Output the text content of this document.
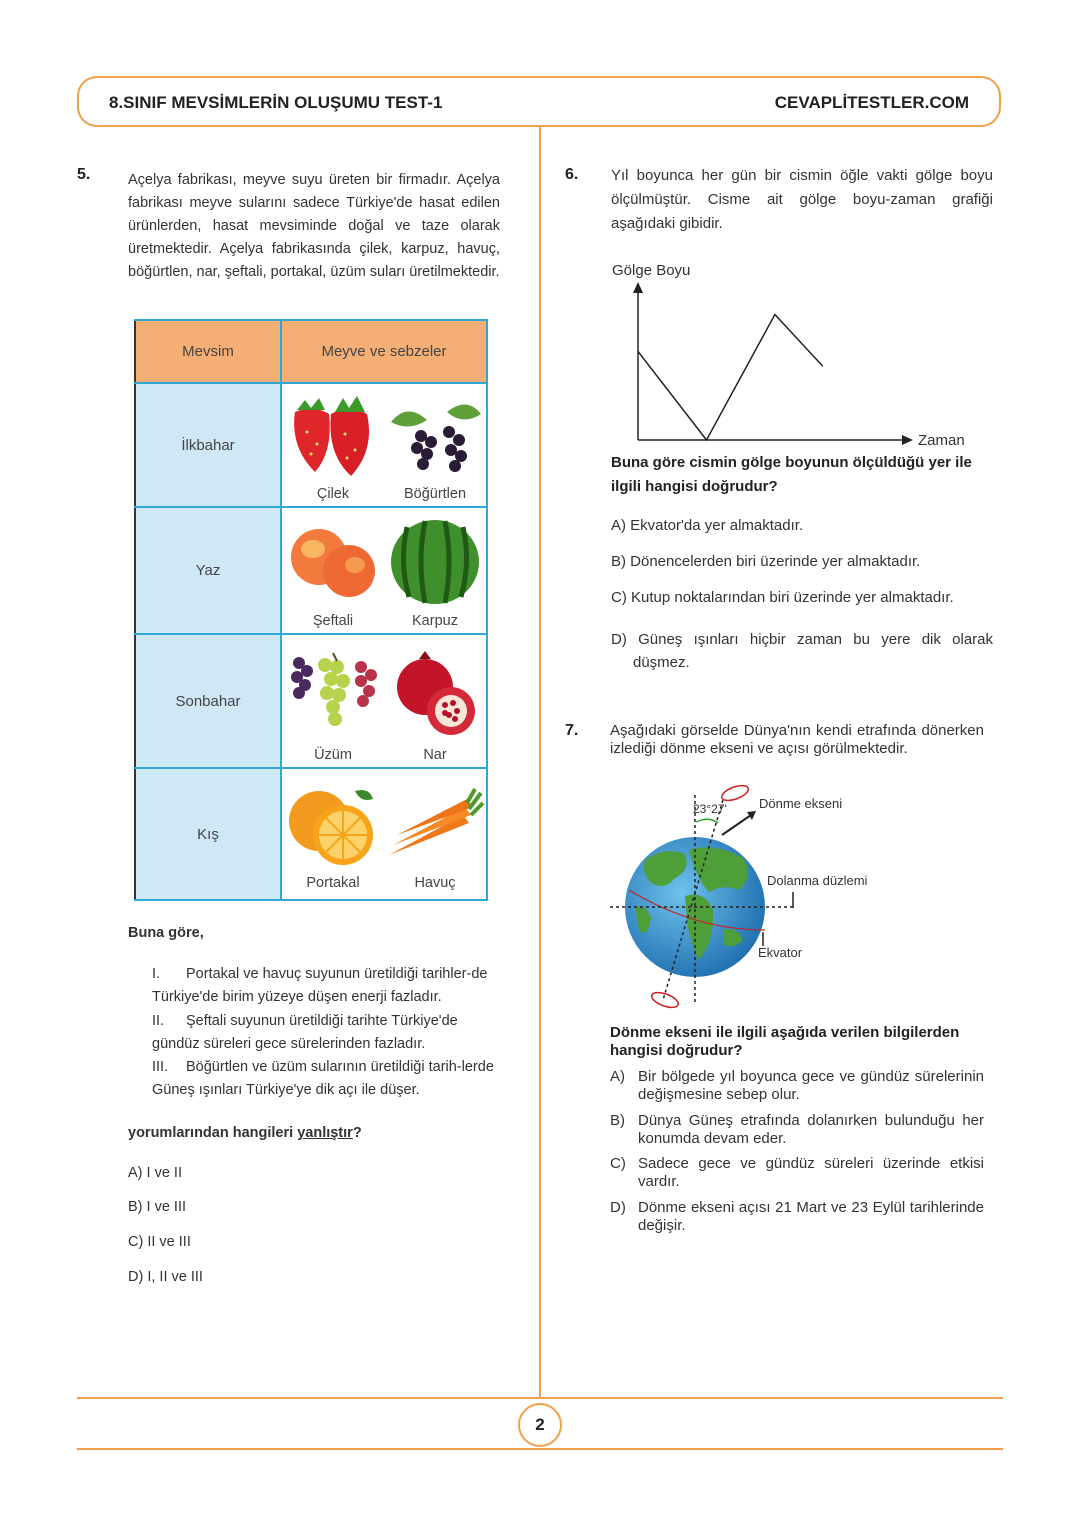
8.SINIF MEVSİMLERİN OLUŞUMU TEST-1	CEVAPLİTESTLER.COM
5.	Açelya fabrikası, meyve suyu üreten bir firmadır. Açelya fabrikası meyve sularını sadece Türkiye'de hasat edilen ürünlerden, hasat mevsiminde doğal ve taze olarak üretmektedir. Açelya fabrikasında çilek, karpuz, havuç, böğürtlen, nar, şeftali, portakal, üzüm suları üretilmektedir.
Mevsim	Meyve ve sebzeler	
İlkbahar	Çilek	Böğürtlen

Yaz	Şeftali	Karpuz

Sonbahar	Üzüm	Nar

Kış	Portakal	Havuç
Buna göre,
I. Portakal ve havuç suyunun üretildiği tarihler-de Türkiye'de birim yüzeye düşen enerji fazladır.
II. Şeftali suyunun üretildiği tarihte Türkiye'de gündüz süreleri gece sürelerinden fazladır.
III. Böğürtlen ve üzüm sularının üretildiği tarih-lerde Güneş ışınları Türkiye'ye dik açı ile düşer.
yorumlarından hangileri yanlıştır?
A) I ve II
B) I ve III
C) II ve III
D) I, II ve III
6. Yıl boyunca her gün bir cismin öğle vakti gölge boyu ölçülmüştür. Cisme ait gölge boyu-zaman grafiği aşağıdaki gibidir.
Gölge Boyu
Zaman
Buna göre cismin gölge boyunun ölçüldüğü yer ile ilgili hangisi doğrudur?
A) Ekvator'da yer almaktadır.
B) Dönencelerden biri üzerinde yer almaktadır.
C) Kutup noktalarından biri üzerinde yer almaktadır.
D) Güneş ışınları hiçbir zaman bu yere dik olarak düşmez.
7. Aşağıdaki görselde Dünya'nın kendi etrafında dönerken izlediği dönme ekseni ve açısı görülmektedir.
23°27' Dönme ekseni
Dolanma düzlemi
Ekvator
Dönme ekseni ile ilgili aşağıda verilen bilgilerden hangisi doğrudur?
A) Bir bölgede yıl boyunca gece ve gündüz sürelerinin değişmesine sebep olur.
B) Dünya Güneş etrafında dolanırken bulunduğu her konumda devam eder.
C) Sadece gece ve gündüz süreleri üzerinde etkisi vardır.
D) Dönme ekseni açısı 21 Mart ve 23 Eylül tarihlerinde değişir.
2
